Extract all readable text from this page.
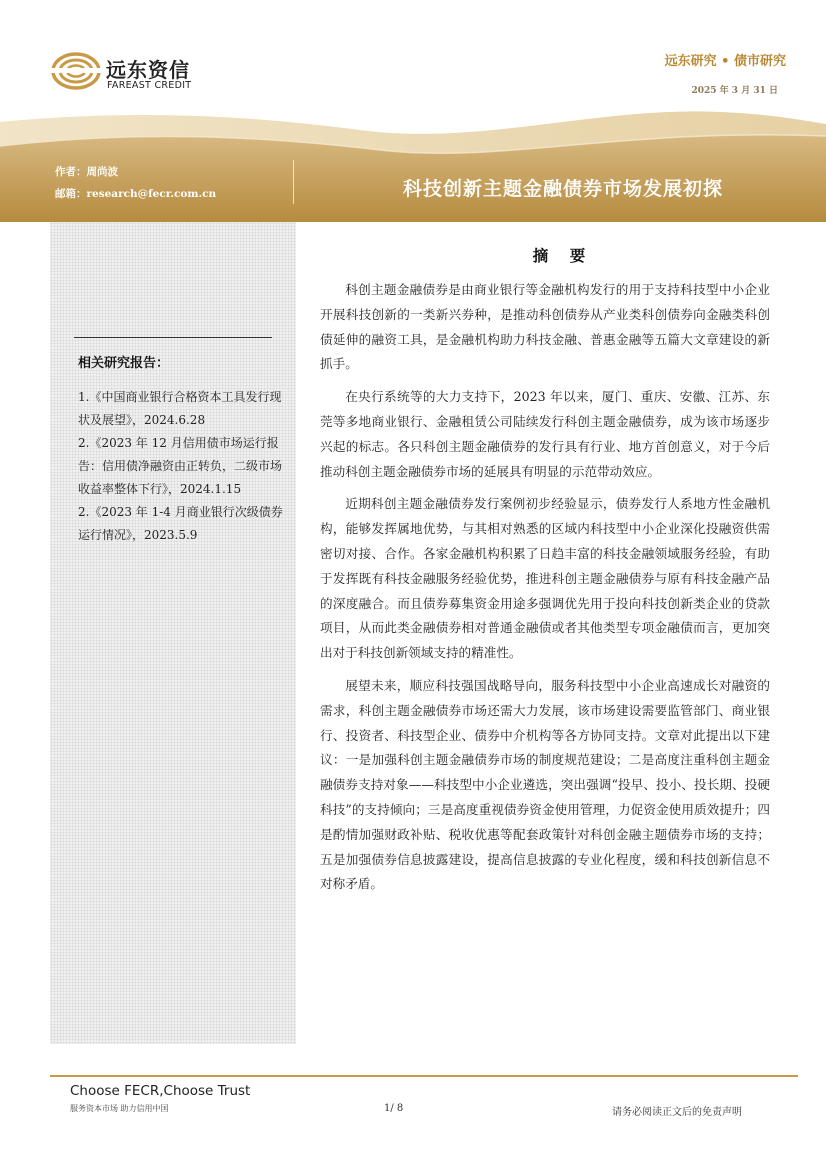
远东资信
FAREAST CREDIT
远东研究 • 债市研究
2025 年 3 月 31 日
作者：周尚波
邮箱：research@fecr.com.cn	科技创新主题金融债券市场发展初探
相关研究报告：
1.《中国商业银行合格资本工具发行现状及展望》，2024.6.28
2.《2023 年 12 月信用债市场运行报告：信用债净融资由正转负，二级市场收益率整体下行》，2024.1.15
2.《2023 年 1-4 月商业银行次级债券运行情况》，2023.5.9
摘 要

科创主题金融债券是由商业银行等金融机构发行的用于支持科技型中小企业开展科技创新的一类新兴券种，是推动科创债券从产业类科创债券向金融类科创债延伸的融资工具，是金融机构助力科技金融、普惠金融等五篇大文章建设的新抓手。

在央行系统等的大力支持下，2023 年以来，厦门、重庆、安徽、江苏、东莞等多地商业银行、金融租赁公司陆续发行科创主题金融债券，成为该市场逐步兴起的标志。各只科创主题金融债券的发行具有行业、地方首创意义，对于今后推动科创主题金融债券市场的延展具有明显的示范带动效应。

近期科创主题金融债券发行案例初步经验显示，债券发行人系地方性金融机构，能够发挥属地优势，与其相对熟悉的区域内科技型中小企业深化投融资供需密切对接、合作。各家金融机构积累了日趋丰富的科技金融领域服务经验，有助于发挥既有科技金融服务经验优势，推进科创主题金融债券与原有科技金融产品的深度融合。而且债券募集资金用途多强调优先用于投向科技创新类企业的贷款项目，从而此类金融债券相对普通金融债或者其他类型专项金融债而言，更加突出对于科技创新领域支持的精准性。

展望未来，顺应科技强国战略导向，服务科技型中小企业高速成长对融资的需求，科创主题金融债券市场还需大力发展，该市场建设需要监管部门、商业银行、投资者、科技型企业、债券中介机构等各方协同支持。文章对此提出以下建议：一是加强科创主题金融债券市场的制度规范建设；二是高度注重科创主题金融债券支持对象——科技型中小企业遴选，突出强调“投早、投小、投长期、投硬科技”的支持倾向；三是高度重视债券资金使用管理，力促资金使用质效提升；四是酌情加强财政补贴、税收优惠等配套政策针对科创金融主题债券市场的支持；五是加强债券信息披露建设，提高信息披露的专业化程度，缓和科技创新信息不对称矛盾。

Choose FECR,Choose Trust
服务资本市场 助力信用中国	1/ 8	请务必阅读正文后的免责声明
